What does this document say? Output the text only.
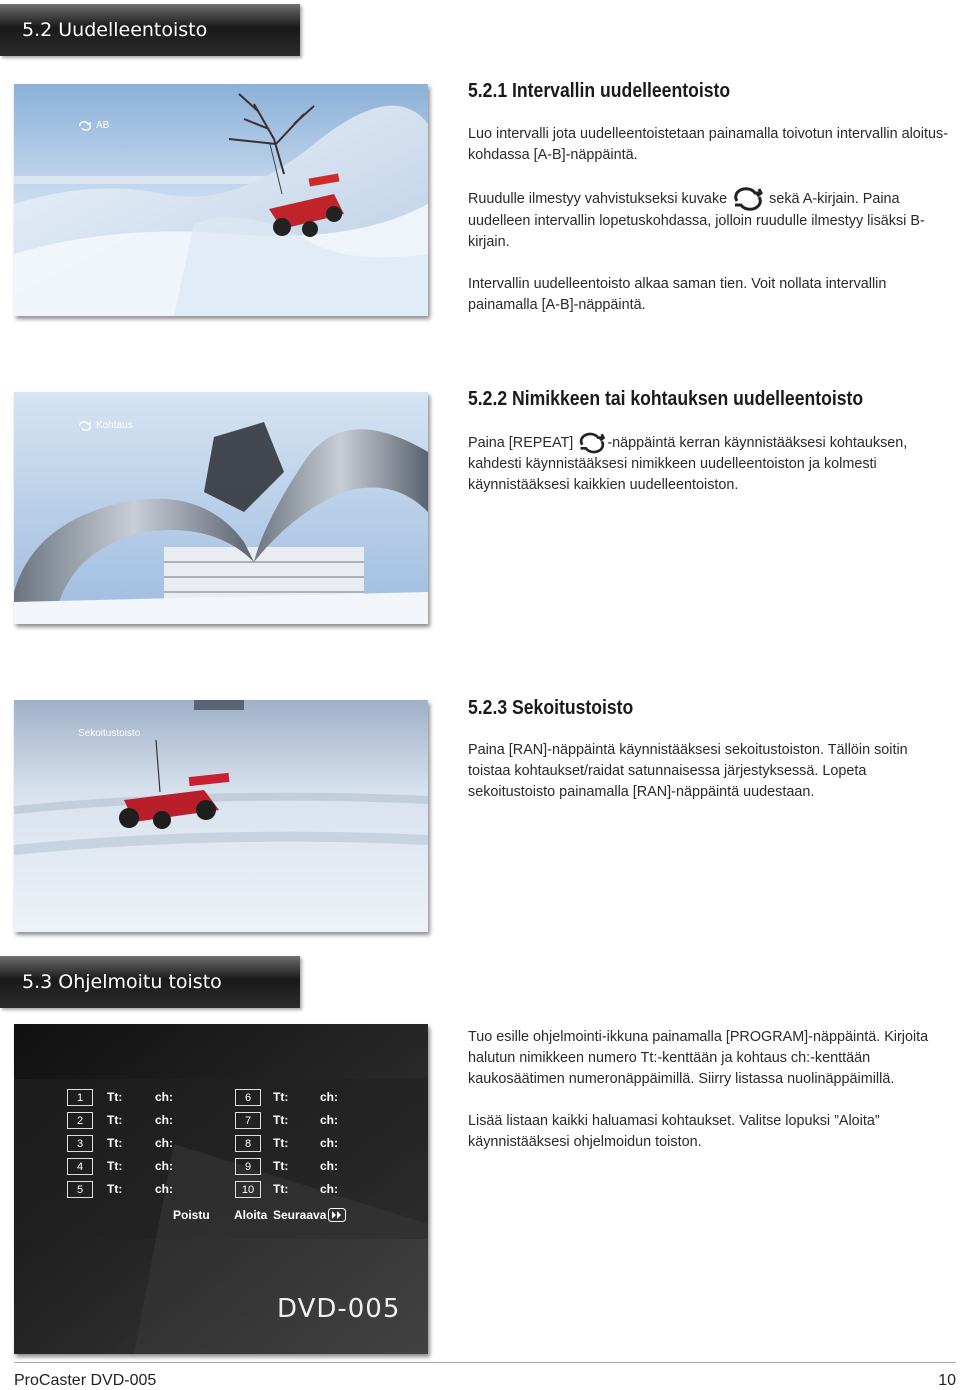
5.2 Uudelleentoisto
AB
5.2.1 Intervallin uudelleentoisto

Luo intervalli jota uudelleentoistetaan painamalla toivotun intervallin aloitus-kohdassa [A-B]-näppäintä.

Ruudulle ilmestyy vahvistukseksi kuvake	sekä A-kirjain. Paina uudelleen intervallin lopetuskohdassa, jolloin ruudulle ilmestyy lisäksi B-kirjain.

Intervallin uudelleentoisto alkaa saman tien. Voit nollata intervallin painamalla [A-B]-näppäintä.

Kohtaus
5.2.2 Nimikkeen tai kohtauksen uudelleentoisto

Paina [REPEAT] -näppäintä kerran käynnistääksesi kohtauksen, kahdesti käynnistääksesi nimikkeen uudelleentoiston ja kolmesti käynnistääksesi kaikkien uudelleentoiston.

Sekoitustoisto
5.2.3 Sekoitustoisto

Paina [RAN]-näppäintä käynnistääksesi sekoitustoiston. Tällöin soitin toistaa kohtaukset/raidat satunnaisessa järjestyksessä. Lopeta sekoitustoisto painamalla [RAN]-näppäintä uudestaan.

5.3 Ohjelmoitu toisto
1	Tt:	ch:
2	Tt:	ch:
3	Tt:	ch:
4	Tt:	ch:
5	Tt:	ch:
6	Tt:	ch:
7	Tt:	ch:
8	Tt:	ch:
9	Tt:	ch:
10	Tt:	ch:
Poistu Aloita Seuraava
DVD-005

Tuo esille ohjelmointi-ikkuna painamalla [PROGRAM]-näppäintä. Kirjoita halutun nimikkeen numero Tt:-kenttään ja kohtaus ch:-kenttään kaukosäätimen numeronäppäimillä. Siirry listassa nuolinäppäimillä.

Lisää listaan kaikki haluamasi kohtaukset. Valitse lopuksi ”Aloita” käynnistääksesi ohjelmoidun toiston.

ProCaster DVD-005	10
